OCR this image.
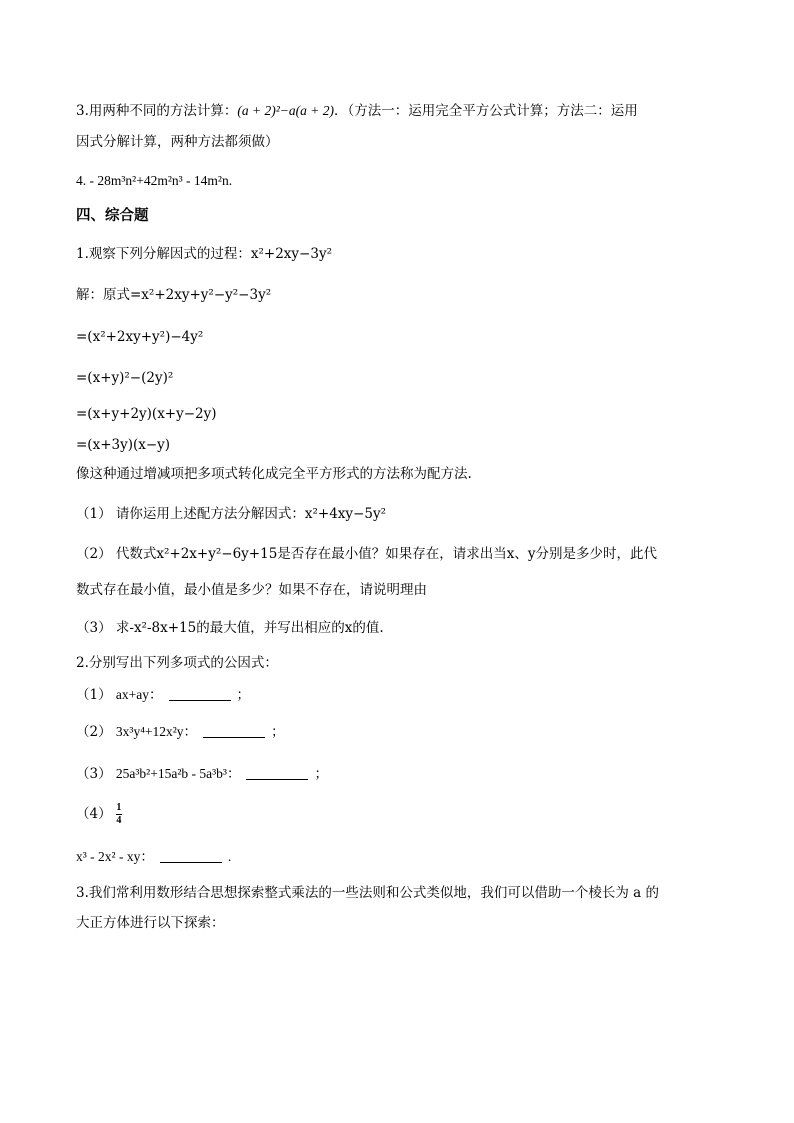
3.用两种不同的方法计算：(a + 2)²−a(a + 2)．（方法一：运用完全平方公式计算；方法二：运用
因式分解计算，两种方法都须做）
4. - 28m³n²+42m²n³ - 14m²n.
四、综合题
1.观察下列分解因式的过程：x²+2xy−3y²
解：原式=x²+2xy+y²−y²−3y²
=(x²+2xy+y²)−4y²
=(x+y)²−(2y)²
=(x+y+2y)(x+y−2y)
=(x+3y)(x−y)
像这种通过增减项把多项式转化成完全平方形式的方法称为配方法.
（1） 请你运用上述配方法分解因式：x²+4xy−5y²
（2） 代数式x²+2x+y²−6y+15是否存在最小值？如果存在，请求出当x、y分别是多少时，此代
数式存在最小值，最小值是多少？如果不存在，请说明理由
（3） 求-x²-8x+15的最大值，并写出相应的x的值.
2.分别写出下列多项式的公因式：
（1） ax+ay：	；
（2） 3x³y⁴+12x²y：	；
（3） 25a³b²+15a²b - 5a³b³：	；
$(4) \frac{1}{4}$
x³ - 2x² - xy：	.
3.我们常利用数形结合思想探索整式乘法的一些法则和公式类似地，我们可以借助一个棱长为 a 的
大正方体进行以下探索：
